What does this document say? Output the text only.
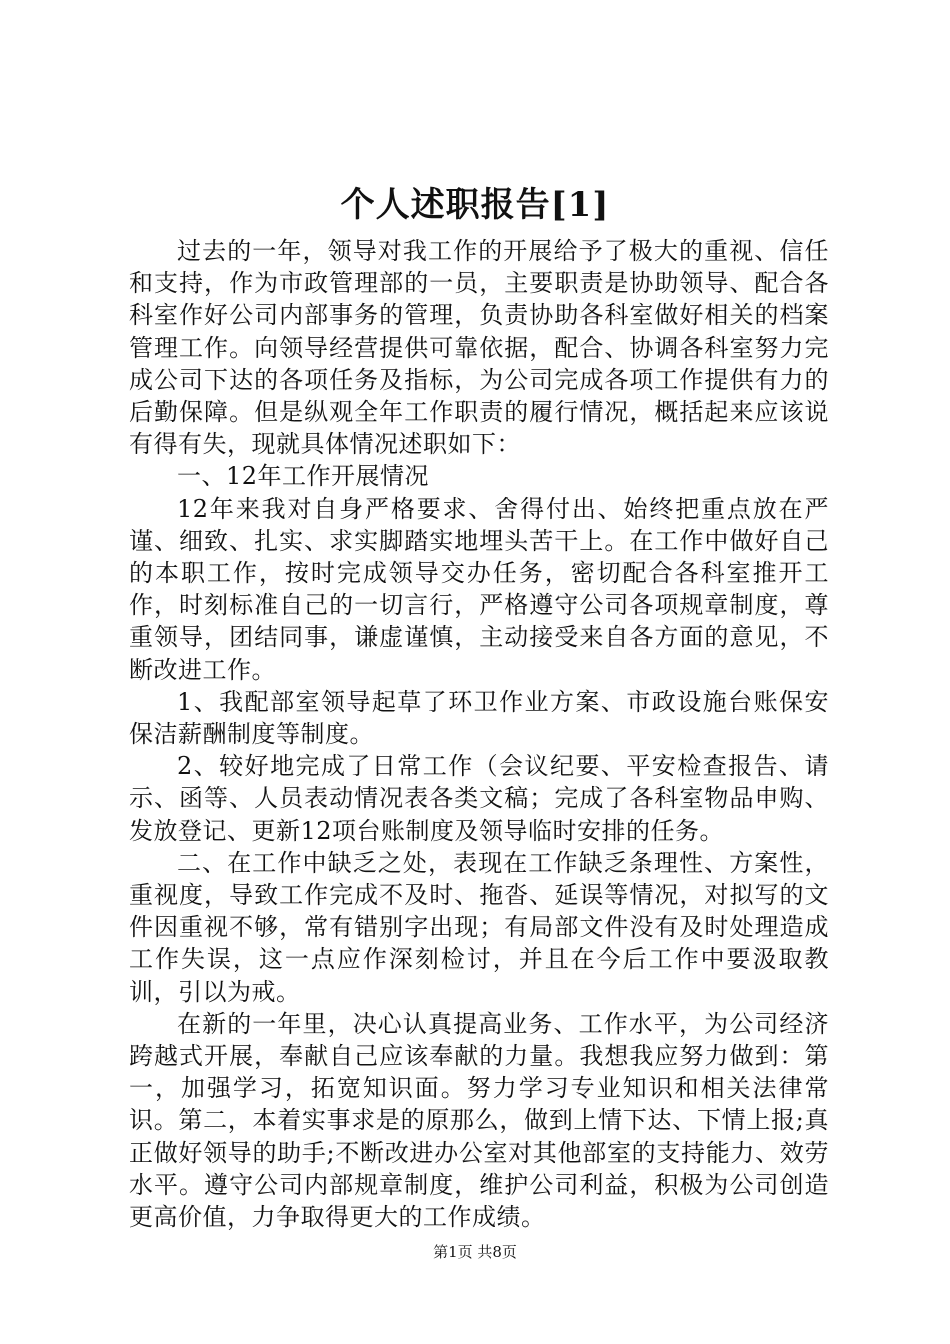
个人述职报告[1]

过去的一年，领导对我工作的开展给予了极大的重视、信任和支持，作为市政管理部的一员，主要职责是协助领导、配合各科室作好公司内部事务的管理，负责协助各科室做好相关的档案管理工作。向领导经营提供可靠依据，配合、协调各科室努力完成公司下达的各项任务及指标，为公司完成各项工作提供有力的后勤保障。但是纵观全年工作职责的履行情况，概括起来应该说有得有失，现就具体情况述职如下：

一、12年工作开展情况

12年来我对自身严格要求、舍得付出、始终把重点放在严谨、细致、扎实、求实脚踏实地埋头苦干上。在工作中做好自己的本职工作，按时完成领导交办任务，密切配合各科室推开工作，时刻标准自己的一切言行，严格遵守公司各项规章制度，尊重领导，团结同事，谦虚谨慎，主动接受来自各方面的意见，不断改进工作。

1、我配部室领导起草了环卫作业方案、市政设施台账保安保洁薪酬制度等制度。

2、较好地完成了日常工作（会议纪要、平安检查报告、请示、函等、人员表动情况表各类文稿；完成了各科室物品申购、发放登记、更新12项台账制度及领导临时安排的任务。

二、在工作中缺乏之处，表现在工作缺乏条理性、方案性，重视度，导致工作完成不及时、拖沓、延误等情况，对拟写的文件因重视不够，常有错别字出现；有局部文件没有及时处理造成工作失误，这一点应作深刻检讨，并且在今后工作中要汲取教训，引以为戒。

在新的一年里，决心认真提高业务、工作水平，为公司经济跨越式开展，奉献自己应该奉献的力量。我想我应努力做到：第一，加强学习，拓宽知识面。努力学习专业知识和相关法律常识。第二，本着实事求是的原那么，做到上情下达、下情上报;真正做好领导的助手;不断改进办公室对其他部室的支持能力、效劳水平。遵守公司内部规章制度，维护公司利益，积极为公司创造更高价值，力争取得更大的工作成绩。

第1页 共8页
